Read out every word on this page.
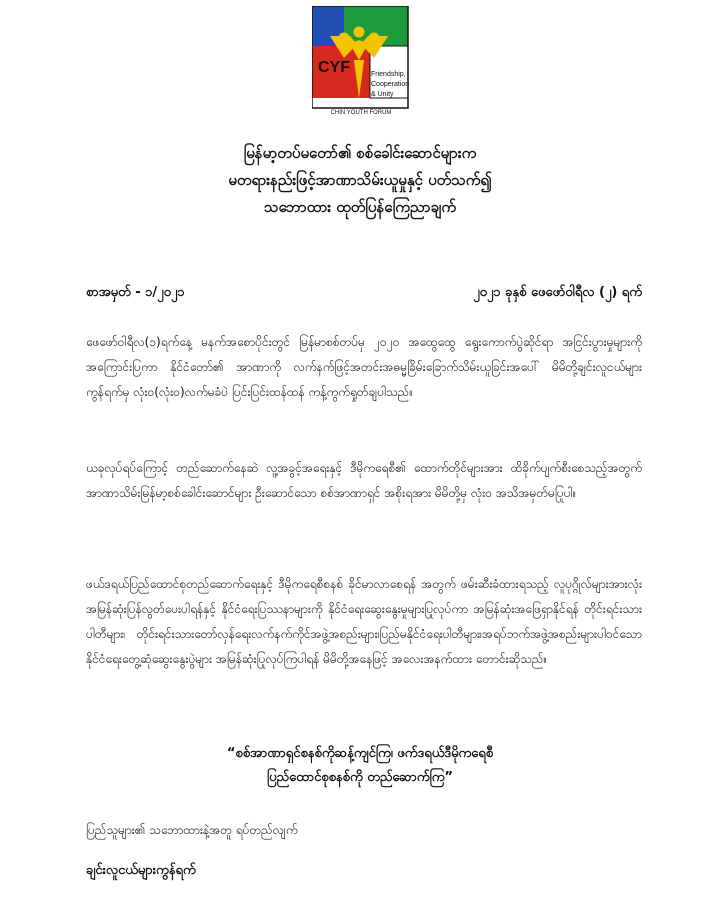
CYF	Friendship,
Cooperation
& Unity
CHIN YOUTH FORUM
မြန်မာ့တပ်မတော်၏ စစ်ခေါင်းဆောင်များက
မတရားနည်းဖြင့်အာဏာသိမ်းယူမှုနှင့် ပတ်သက်၍
သဘောထား ထုတ်ပြန်ကြေညာချက်
စာအမှတ် - ၁/၂၀၂၁	၂၀၂၁ ခုနှစ် ဖေဖော်ဝါရီလ (၂) ရက်

ဖေဖော်ဝါရီလ(၁)ရက်နေ့ မနက်အစောပိုင်းတွင် မြန်မာစစ်တပ်မှ ၂၀၂၀ အထွေထွေ ရွေးကောက်ပွဲဆိုင်ရာ အငြင်းပွားမှုများကို အကြောင်းပြကာ နိုင်ငံတော်၏ အာဏာကို လက်နက်ဖြင့်အတင်းအဓမ္မခြိမ်းခြောက်သိမ်းယူခြင်းအပေါ် မိမိတို့ချင်းလူငယ်များကွန်ရက်မှ လုံး၀(လုံး၀)လက်မခံပဲ ပြင်းပြင်းထန်ထန် ကန့်ကွက်ရှုတ်ချပါသည်။

ယခုလုပ်ရပ်ကြောင့် တည်ဆောက်နေဆဲ လူ့အခွင့်အရေးနှင့် ဒီမိုကရေစီ၏ ထောက်တိုင်များအား ထိခိုက်ပျက်စီးစေသည့်အတွက် အာဏာသိမ်းမြန်မာ့စစ်ခေါင်းဆောင်များ ဦးဆောင်သော စစ်အာဏာရှင် အစိုးရအား မိမိတို့မှ လုံး၀ အသိအမှတ်မပြုပါ။

ဖယ်ဒရယ်ပြည်ထောင်စုတည်ဆောက်ရေးနှင့် ဒီမိုကရေစီစနစ် ခိုင်မာလာစေရန် အတွက် ဖမ်းဆီးခံထားရသည့် လူပုဂ္ဂိုလ်များအားလုံး အမြန်ဆုံးပြန်လွတ်ပေးပါရန်နှင့် နိုင်ငံရေးပြဿနာများကို နိုင်ငံရေးဆွေးနွေးမှုများပြုလုပ်ကာ အမြန်ဆုံးအဖြေရှာနိုင်ရန် တိုင်းရင်းသားပါတီများ၊ တိုင်းရင်းသားတော်လှန်ရေးလက်နက်ကိုင်အဖွဲ့အစည်းများ၊ပြည်မနိုင်ငံရေးပါတီများ၊အရပ်ဘက်အဖွဲ့အစည်းများပါဝင်သော နိုင်ငံရေးတွေ့ဆုံဆွေးနွေးပွဲများ အမြန်ဆုံးပြုလုပ်ကြပါရန် မိမိတို့အနေဖြင့် အလေးအနက်ထား တောင်းဆိုသည်။

“စစ်အာဏာရှင်စနစ်ကိုဆန့်ကျင်ကြ၊ ဖက်ဒရယ်ဒီမိုကရေစီ
ပြည်ထောင်စုစနစ်ကို တည်ဆောက်ကြ”
ပြည်သူများ၏ သဘောထားနဲ့အတူ ရပ်တည်လျက်
ချင်းလူငယ်များကွန်ရက်
